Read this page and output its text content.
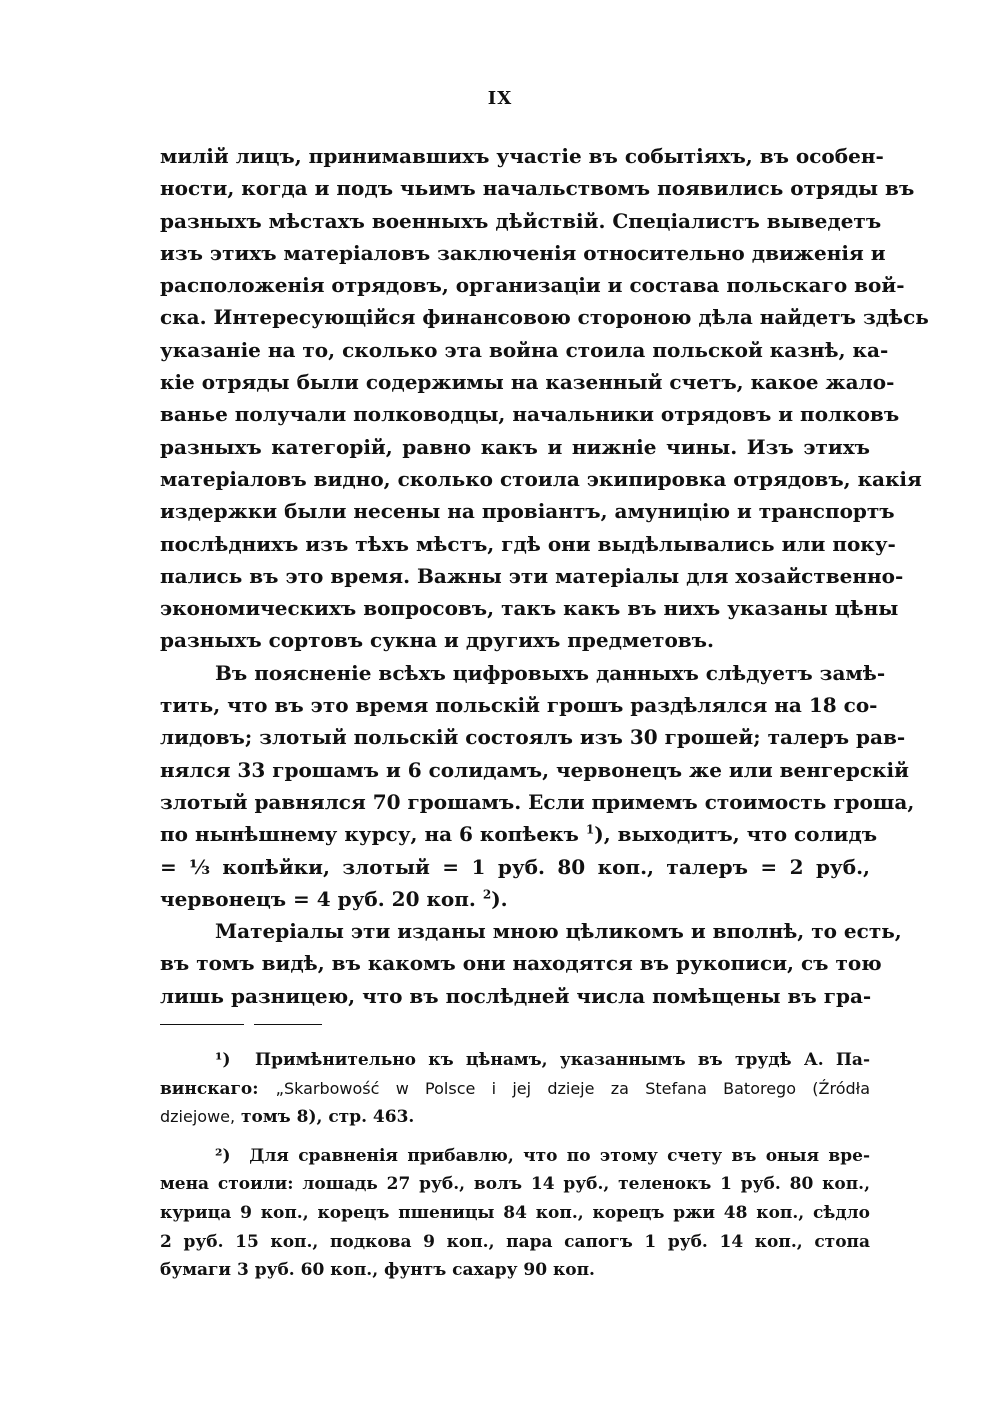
IX
милій лицъ, принимавшихъ участіе въ событіяхъ, въ особен-
ности, когда и подъ чьимъ начальствомъ появились отряды въ
разныхъ мѣстахъ военныхъ дѣйствій. Спеціалистъ выведетъ
изъ этихъ матеріаловъ заключенія относительно движенія и
расположенія отрядовъ, организаціи и состава польскаго вой-
ска. Интересующійся финансовою стороною дѣла найдетъ здѣсь
указаніе на то, сколько эта война стоила польской казнѣ, ка-
кіе отряды были содержимы на казенный счетъ, какое жало-
ванье получали полководцы, начальники отрядовъ и полковъ
разныхъ категорій, равно какъ и нижніе чины. Изъ этихъ
матеріаловъ видно, сколько стоила экипировка отрядовъ, какія
издержки были несены на провіантъ, амуницію и транспортъ
послѣднихъ изъ тѣхъ мѣстъ, гдѣ они выдѣлывались или поку-
пались въ это время. Важны эти матеріалы для хозайственно-
экономическихъ вопросовъ, такъ какъ въ нихъ указаны цѣны
разныхъ сортовъ сукна и другихъ предметовъ.
Въ поясненіе всѣхъ цифровыхъ данныхъ слѣдуетъ замѣ-
тить, что въ это время польскій грошъ раздѣлялся на 18 со-
лидовъ; злотый польскій состоялъ изъ 30 грошей; талеръ рав-
нялся 33 грошамъ и 6 солидамъ, червонецъ же или венгерскій
злотый равнялся 70 грошамъ. Если примемъ стоимость гроша,
по нынѣшнему курсу, на 6 копѣекъ $^1$), выходитъ, что солидъ
= ⅓ копѣйки, злотый = 1 руб. 80 коп., талеръ = 2 руб.,
червонецъ = 4 руб. 20 коп. $^2$).
Матеріалы эти изданы мною цѣликомъ и вполнѣ, то есть,
въ томъ видѣ, въ какомъ они находятся въ рукописи, съ тою
лишь разницею, что въ послѣдней числа помѣщены въ гра-
¹) Примѣнительно къ цѣнамъ, указаннымъ въ трудѣ А. Па-
винскаго: „Skarbowość w Polsce i jej dzieje za Stefana Batorego (Źródła
dziejowe, томъ 8), стр. 463.
²) Для сравненія прибавлю, что по этому счету въ оныя вре-
мена стоили: лошадь 27 руб., волъ 14 руб., теленокъ 1 руб. 80 коп.,
курица 9 коп., корецъ пшеницы 84 коп., корецъ ржи 48 коп., сѣдло
2 руб. 15 коп., подкова 9 коп., пара сапогъ 1 руб. 14 коп., стопа
бумаги 3 руб. 60 коп., фунтъ сахару 90 коп.
